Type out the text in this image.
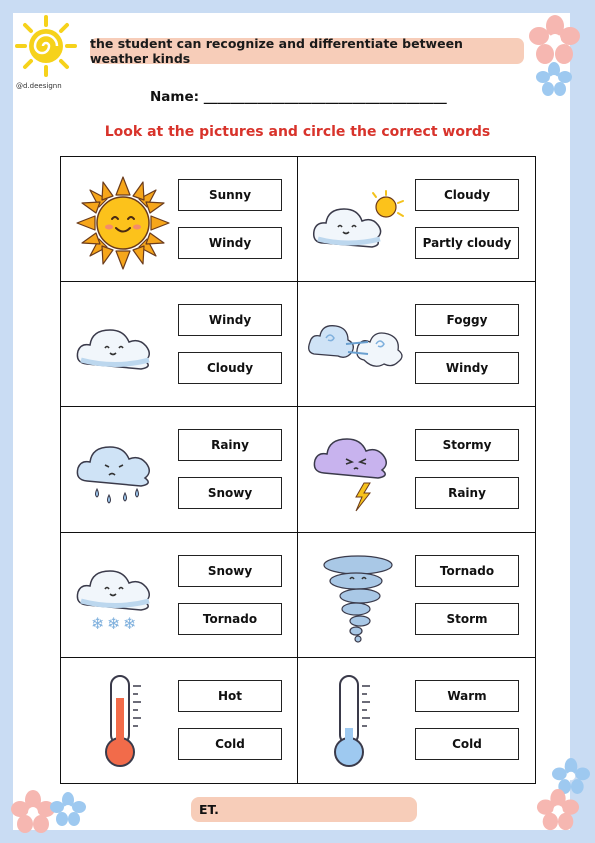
the student can recognize and differentiate between weather kinds
@d.deesignn
Name: ____________________________________
Look at the pictures and circle the correct words
Sunny
Windy
Cloudy
Partly cloudy
Windy
Cloudy
Foggy
Windy
Rainy
Snowy
Stormy
Rainy
❄ ❄ ❄
Snowy
Tornado
Tornado
Storm
Hot
Cold
Warm
Cold
ET.
